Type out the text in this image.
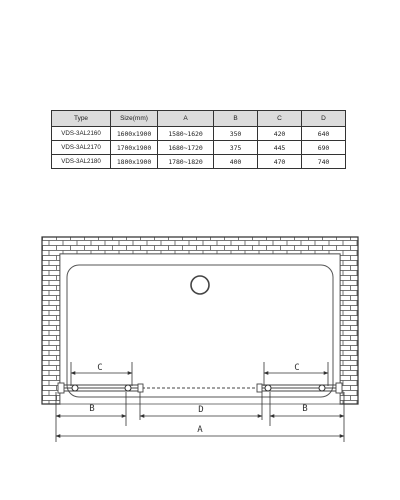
Type	Size(mm)	A	B	C	D
VDS-3AL2160	1600x1900	1580~1620	350	420	640
VDS-3AL2170	1700x1900	1680~1720	375	445	690
VDS-3AL2180	1800x1900	1780~1820	400	470	740
C	C
B	B
D
A
